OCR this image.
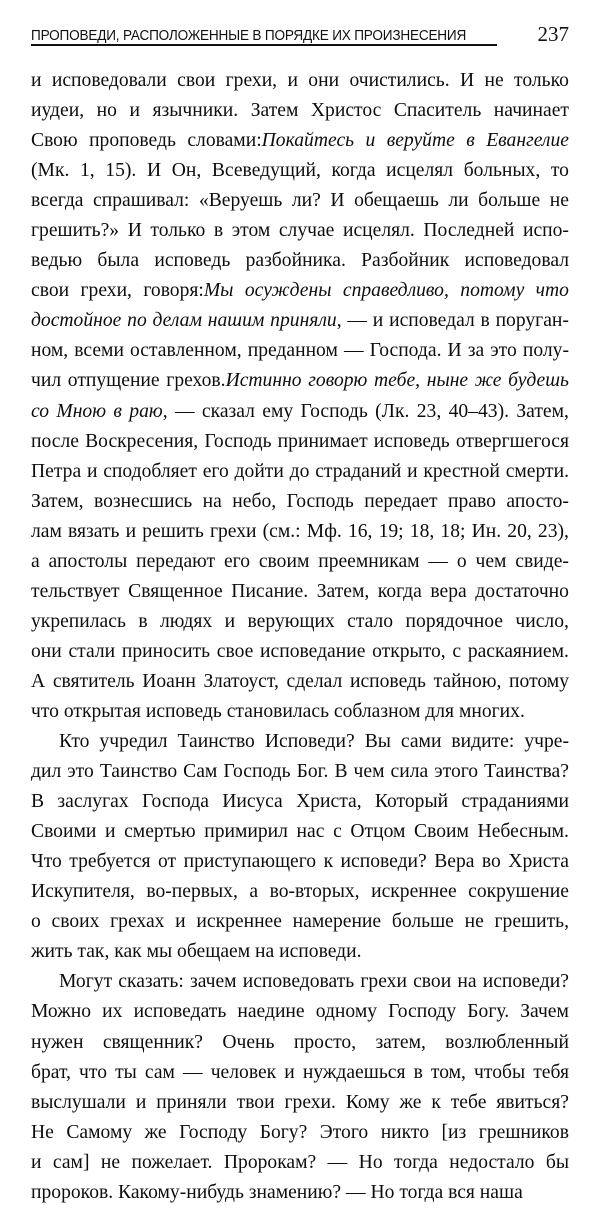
ПРОПОВЕДИ, РАСПОЛОЖЕННЫЕ В ПОРЯДКЕ ИХ ПРОИЗНЕСЕНИЯ	237
и исповедовали свои грехи, и они очистились. И не только
иудеи, но и язычники. Затем Христос Спаситель начинает
Свою проповедь словами:Покайтесь и веруйте в Евангелие
(Мк. 1, 15). И Он, Всеведущий, когда исцелял больных, то
всегда спрашивал: «Веруешь ли? И обещаешь ли больше не
грешить?» И только в этом случае исцелял. Последней испо-
ведью была исповедь разбойника. Разбойник исповедовал
свои грехи, говоря:Мы осуждены справедливо, потому что
достойное по делам нашим приняли, — и исповедал в поруган-
ном, всеми оставленном, преданном — Господа. И за это полу-
чил отпущение грехов.Истинно говорю тебе, ныне же будешь
со Мною в раю, — сказал ему Господь (Лк. 23, 40–43). Затем,
после Воскресения, Господь принимает исповедь отвергшегося
Петра и сподобляет его дойти до страданий и крестной смерти.
Затем, вознесшись на небо, Господь передает право апосто-
лам вязать и решить грехи (см.: Мф. 16, 19; 18, 18; Ин. 20, 23),
а апостолы передают его своим преемникам — о чем свиде-
тельствует Священное Писание. Затем, когда вера достаточно
укрепилась в людях и верующих стало порядочное число,
они стали приносить свое исповедание открыто, с раскаянием.
А святитель Иоанн Златоуст, сделал исповедь тайною, потому
что открытая исповедь становилась соблазном для многих.
Кто учредил Таинство Исповеди? Вы сами видите: учре-
дил это Таинство Сам Господь Бог. В чем сила этого Таинства?
В заслугах Господа Иисуса Христа, Который страданиями
Своими и смертью примирил нас с Отцом Своим Небесным.
Что требуется от приступающего к исповеди? Вера во Христа
Искупителя, во-первых, а во-вторых, искреннее сокрушение
о своих грехах и искреннее намерение больше не грешить,
жить так, как мы обещаем на исповеди.
Могут сказать: зачем исповедовать грехи свои на исповеди?
Можно их исповедать наедине одному Господу Богу. Зачем
нужен священник? Очень просто, затем, возлюбленный
брат, что ты сам — человек и нуждаешься в том, чтобы тебя
выслушали и приняли твои грехи. Кому же к тебе явиться?
Не Самому же Господу Богу? Этого никто [из грешников
и сам] не пожелает. Пророкам? — Но тогда недостало бы
пророков. Какому-нибудь знамению? — Но тогда вся наша
